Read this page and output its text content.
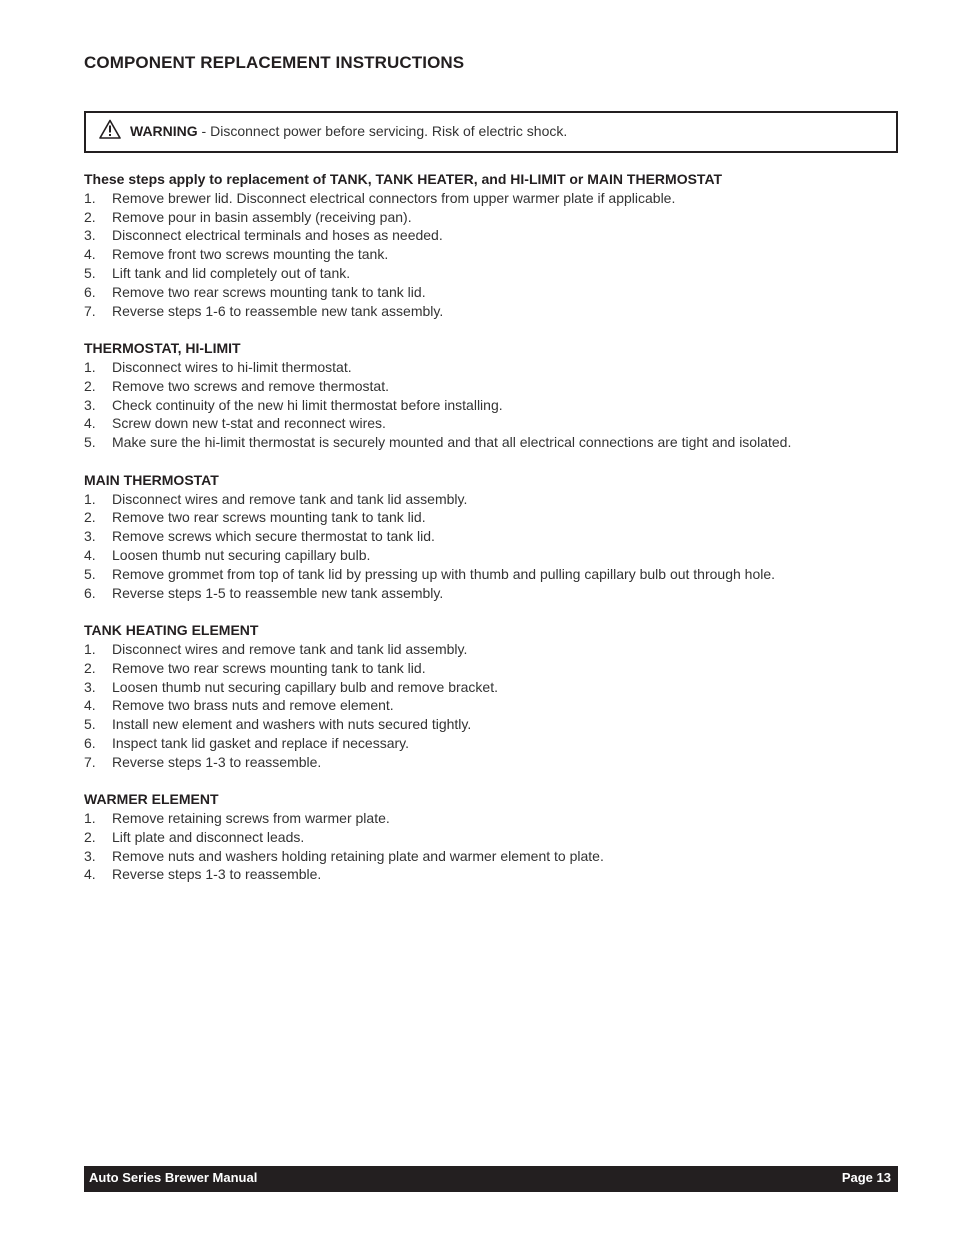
COMPONENT REPLACEMENT INSTRUCTIONS
WARNING - Disconnect power before servicing. Risk of electric shock.
These steps apply to replacement of TANK, TANK HEATER, and HI-LIMIT or MAIN THERMOSTAT
1. Remove brewer lid. Disconnect electrical connectors from upper warmer plate if applicable.
2. Remove pour in basin assembly (receiving pan).
3. Disconnect electrical terminals and hoses as needed.
4. Remove front two screws mounting the tank.
5. Lift tank and lid completely out of tank.
6. Remove two rear screws mounting tank to tank lid.
7. Reverse steps 1-6 to reassemble new tank assembly.
THERMOSTAT, HI-LIMIT
1. Disconnect wires to hi-limit thermostat.
2. Remove two screws and remove thermostat.
3. Check continuity of the new hi limit thermostat before installing.
4. Screw down new t-stat and reconnect wires.
5. Make sure the hi-limit thermostat is securely mounted and that all electrical connections are tight and isolated.
MAIN THERMOSTAT
1. Disconnect wires and remove tank and tank lid assembly.
2. Remove two rear screws mounting tank to tank lid.
3. Remove screws which secure thermostat to tank lid.
4. Loosen thumb nut securing capillary bulb.
5. Remove grommet from top of tank lid by pressing up with thumb and pulling capillary bulb out through hole.
6. Reverse steps 1-5 to reassemble new tank assembly.
TANK HEATING ELEMENT
1. Disconnect wires and remove tank and tank lid assembly.
2. Remove two rear screws mounting tank to tank lid.
3. Loosen thumb nut securing capillary bulb and remove bracket.
4. Remove two brass nuts and remove element.
5. Install new element and washers with nuts secured tightly.
6. Inspect tank lid gasket and replace if necessary.
7. Reverse steps 1-3 to reassemble.
WARMER ELEMENT
1. Remove retaining screws from warmer plate.
2. Lift plate and disconnect leads.
3. Remove nuts and washers holding retaining plate and warmer element to plate.
4. Reverse steps 1-3 to reassemble.
Auto Series Brewer Manual	Page 13
